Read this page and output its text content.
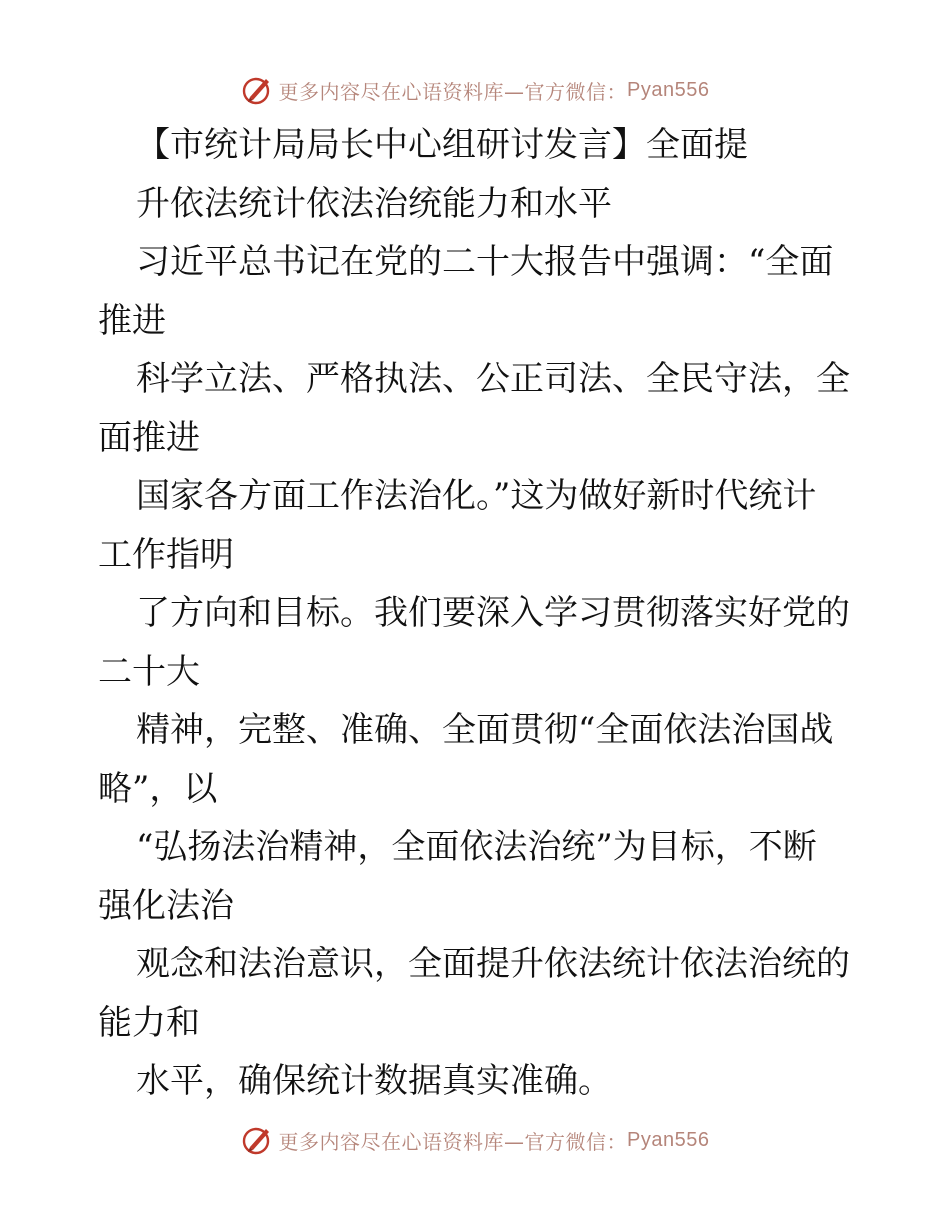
更多内容尽在心语资料库—官方微信： Pyan556
【市统计局局长中心组研讨发言】全面提
升依法统计依法治统能力和水平
习近平总书记在党的二十大报告中强调：“全面
推进
科学立法、严格执法、公正司法、全民守法，全
面推进
国家各方面工作法治化。”这为做好新时代统计
工作指明
了方向和目标。我们要深入学习贯彻落实好党的
二十大
精神，完整、准确、全面贯彻“全面依法治国战
略”，以
“弘扬法治精神，全面依法治统”为目标，不断
强化法治
观念和法治意识，全面提升依法统计依法治统的
能力和
水平，确保统计数据真实准确。
更多内容尽在心语资料库—官方微信： Pyan556
